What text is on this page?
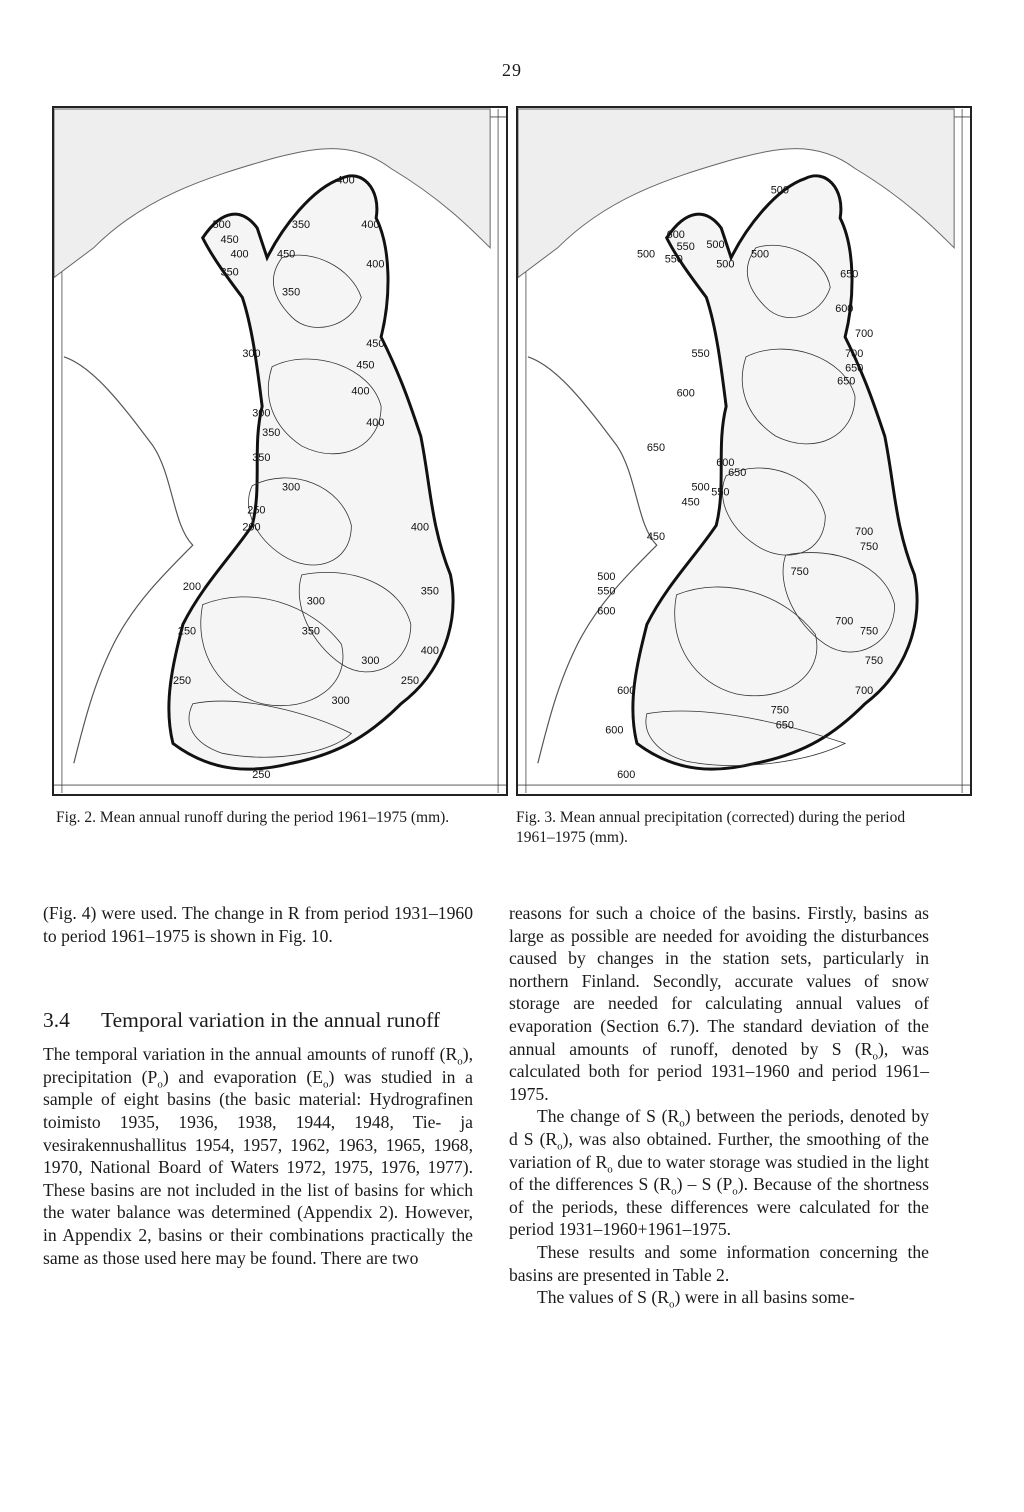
29
400
350
500
450
400
350
450
400
400
350
300
450
450
400
300
350
400
350
300
250
200	400
200	350
300
250	350
400
300
250	250
300
250
500
600
550
500
500
550	500
500
650
600
700
700
650
650
550
600
650
600
500
450
650
550
450	700
750
500
550
600
750
700
750
750
600	700
750
650
600
600
Fig. 2. Mean annual runoff during the period 1961–1975 (mm).	Fig. 3. Mean annual precipitation (corrected) during the period 1961–1975 (mm).

(Fig. 4) were used. The change in R from period 1931–1960 to period 1961–1975 is shown in Fig. 10.

3.4	Temporal variation in the annual runoff

The temporal variation in the annual amounts of runoff $(R_o)$, precipitation $(P_o)$ and evaporation $(E_o)$ was studied in a sample of eight basins (the basic material: Hydrografinen toimisto 1935, 1936, 1938, 1944, 1948, Tie- ja vesirakennushallitus 1954, 1957, 1962, 1963, 1965, 1968, 1970, National Board of Waters 1972, 1975, 1976, 1977). These basins are not included in the list of basins for which the water balance was determined (Appendix 2). However, in Appendix 2, basins or their combinations practically the same as those used here may be found. There are two

reasons for such a choice of the basins. Firstly, basins as large as possible are needed for avoiding the disturbances caused by changes in the station sets, particularly in northern Finland. Secondly, accurate values of snow storage are needed for calculating annual values of evaporation (Section 6.7). The standard deviation of the annual amounts of runoff, denoted by S $(R_o)$, was calculated both for period 1931–1960 and period 1961–1975.

The change of S $(R_o)$ between the periods, denoted by d S $(R_o)$, was also obtained. Further, the smoothing of the variation of $R_o$ due to water storage was studied in the light of the differences S $(R_o)$ – S $(P_o)$. Because of the shortness of the periods, these differences were calculated for the period 1931–1960+1961–1975.

These results and some information concerning the basins are presented in Table 2.

The values of S $(R_o)$ were in all basins some-
